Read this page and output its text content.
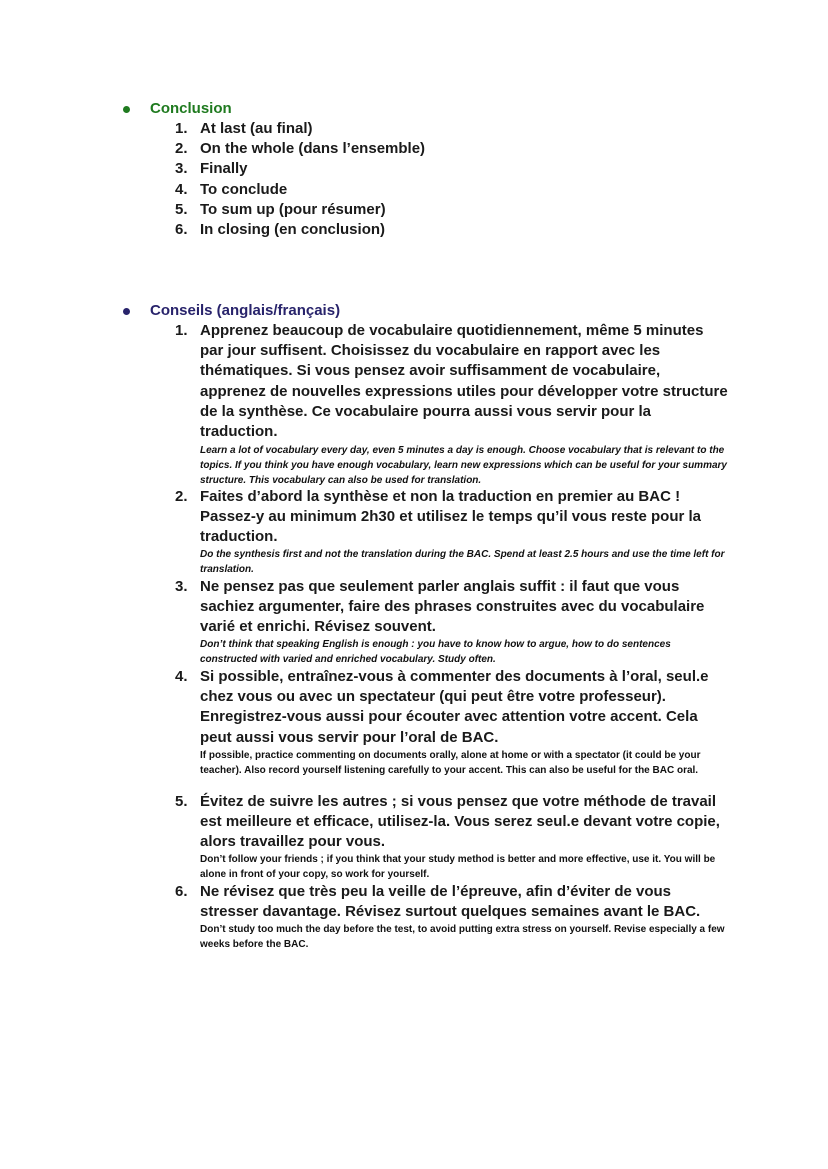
Conclusion
1. At last (au final)
2. On the whole (dans l’ensemble)
3. Finally
4. To conclude
5. To sum up (pour résumer)
6. In closing (en conclusion)
Conseils (anglais/français)
1. Apprenez beaucoup de vocabulaire quotidiennement, même 5 minutes par jour suffisent. Choisissez du vocabulaire en rapport avec les thématiques. Si vous pensez avoir suffisamment de vocabulaire, apprenez de nouvelles expressions utiles pour développer votre structure de la synthèse. Ce vocabulaire pourra aussi vous servir pour la traduction.
Learn a lot of vocabulary every day, even 5 minutes a day is enough. Choose vocabulary that is relevant to the topics. If you think you have enough vocabulary, learn new expressions which can be useful for your summary structure. This vocabulary can also be used for translation.
2. Faites d’abord la synthèse et non la traduction en premier au BAC ! Passez-y au minimum 2h30 et utilisez le temps qu’il vous reste pour la traduction.
Do the synthesis first and not the translation during the BAC. Spend at least 2.5 hours and use the time left for translation.
3. Ne pensez pas que seulement parler anglais suffit : il faut que vous sachiez argumenter, faire des phrases construites avec du vocabulaire varié et enrichi. Révisez souvent.
Don’t think that speaking English is enough : you have to know how to argue, how to do sentences constructed with varied and enriched vocabulary. Study often.
4. Si possible, entraînez-vous à commenter des documents à l’oral, seul.e chez vous ou avec un spectateur (qui peut être votre professeur). Enregistrez-vous aussi pour écouter avec attention votre accent. Cela peut aussi vous servir pour l’oral de BAC.
If possible, practice commenting on documents orally, alone at home or with a spectator (it could be your teacher). Also record yourself listening carefully to your accent. This can also be useful for the BAC oral.
5. Évitez de suivre les autres ; si vous pensez que votre méthode de travail est meilleure et efficace, utilisez-la. Vous serez seul.e devant votre copie, alors travaillez pour vous.
Don’t follow your friends ; if you think that your study method is better and more effective, use it. You will be alone in front of your copy, so work for yourself.
6. Ne révisez que très peu la veille de l’épreuve, afin d’éviter de vous stresser davantage. Révisez surtout quelques semaines avant le BAC.
Don’t study too much the day before the test, to avoid putting extra stress on yourself. Revise especially a few weeks before the BAC.
